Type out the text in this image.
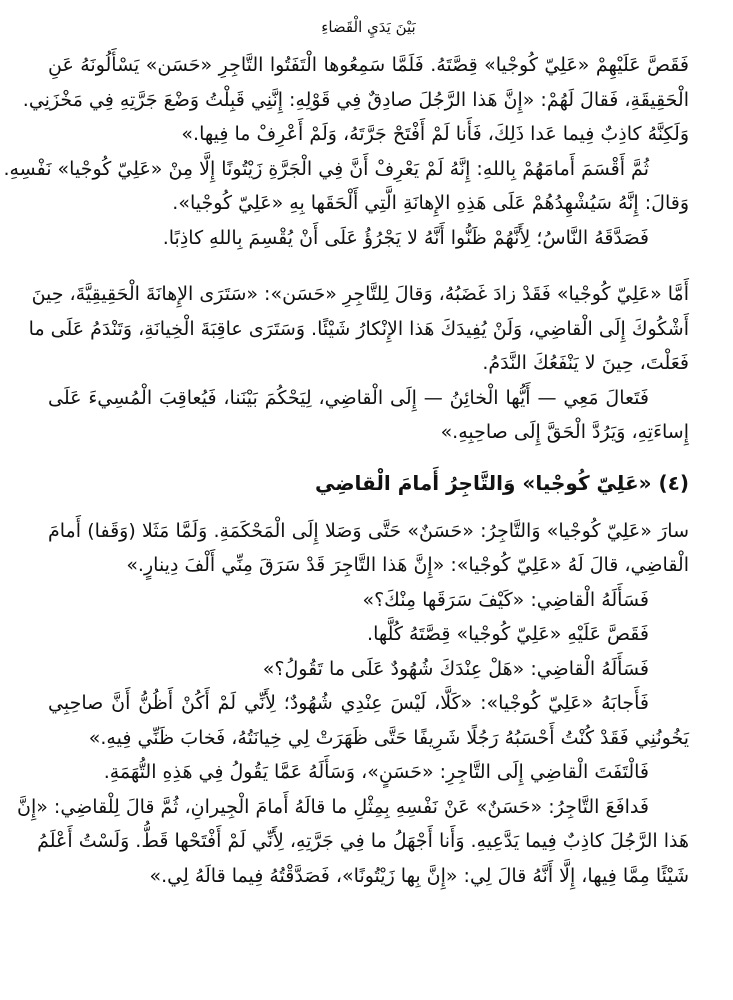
بَيْنَ يَدَيِ الْقَضاءِ
فَقَصَّ عَلَيْهِمْ «عَلِيّ كُوجْيا» قِصَّتَهُ. فَلَمَّا سَمِعُوها الْتَفَتُوا التَّاجِرِ «حَسَن» يَسْأَلُونَهُ عَنِ
الْحَقِيقَةِ، فَقالَ لَهُمْ: «إِنَّ هَذا الرَّجُلَ صادِقٌ فِي قَوْلِهِ: إِنَّنِي قَبِلْتُ وَضْعَ جَرَّتِهِ فِي مَخْزَنِي.
وَلَكِنَّهُ كاذِبٌ فِيما عَدا ذَلِكَ، فَأَنا لَمْ أَفْتَحْ جَرَّتَهُ، وَلَمْ أَعْرِفْ ما فِيها.»
ثُمَّ أَقْسَمَ أَمامَهُمْ بِاللهِ: إِنَّهُ لَمْ يَعْرِفْ أَنَّ فِي الْجَرَّةِ زَيْتُونًا إِلَّا مِنْ «عَلِيّ كُوجْيا» نَفْسِهِ.
وَقالَ: إِنَّهُ سَيُشْهِدُهُمْ عَلَى هَذِهِ الإِهانَةِ الَّتِي أَلْحَقَها بِهِ «عَلِيّ كُوجْيا».
فَصَدَّقَهُ النَّاسُ؛ لِأَنَّهُمْ ظَنُّوا أَنَّهُ لا يَجْرُؤُ عَلَى أَنْ يُقْسِمَ بِاللهِ كاذِبًا.
أَمَّا «عَلِيّ كُوجْيا» فَقَدْ زادَ غَضَبُهُ، وَقالَ لِلتَّاجِرِ «حَسَن»: «سَتَرَى الإِهانَةَ الْحَقِيقِيَّةَ، حِينَ
أَشْكُوكَ إِلَى الْقاضِي، وَلَنْ يُفِيدَكَ هَذا الإِنْكارُ شَيْئًا. وَسَتَرَى عاقِبَةَ الْخِيانَةِ، وَتَنْدَمُ عَلَى ما
فَعَلْتَ، حِينَ لا يَنْفَعُكَ النَّدَمُ.
فَتَعالَ مَعِي — أَيُّها الْخائِنُ — إِلَى الْقاضِي، لِيَحْكُمَ بَيْنَنا، فَيُعاقِبَ الْمُسِيءَ عَلَى
إِساءَتِهِ، وَيَرُدَّ الْحَقَّ إِلَى صاحِبِهِ.»
(٤) «عَلِيّ كُوجْيا» وَالتَّاجِرُ أَمامَ الْقاضِي
سارَ «عَلِيّ كُوجْيا» وَالتَّاجِرُ: «حَسَنٌ» حَتَّى وَصَلا إِلَى الْمَحْكَمَةِ. وَلَمَّا مَثَلا (وَقَفا) أَمامَ
الْقاضِي، قالَ لَهُ «عَلِيّ كُوجْيا»: «إِنَّ هَذا التَّاجِرَ قَدْ سَرَقَ مِنِّي أَلْفَ دِينارٍ.»
فَسَأَلَهُ الْقاضِي: «كَيْفَ سَرَقَها مِنْكَ؟»
فَقَصَّ عَلَيْهِ «عَلِيّ كُوجْيا» قِصَّتَهُ كُلَّها.
فَسَأَلَهُ الْقاضِي: «هَلْ عِنْدَكَ شُهُودٌ عَلَى ما تَقُولُ؟»
فَأَجابَهُ «عَلِيّ كُوجْيا»: «كَلَّا، لَيْسَ عِنْدِي شُهُودٌ؛ لِأَنِّي لَمْ أَكُنْ أَظُنُّ أَنَّ صاحِبِي
يَخُونُنِي فَقَدْ كُنْتُ أَحْسَبُهُ رَجُلًا شَرِيفًا حَتَّى ظَهَرَتْ لِي خِيانَتُهُ، فَخابَ ظَنِّي فِيهِ.»
فَالْتَفَتَ الْقاضِي إِلَى التَّاجِرِ: «حَسَنٍ»، وَسَأَلَهُ عَمَّا يَقُولُ فِي هَذِهِ التُّهَمَةِ.
فَدافَعَ التَّاجِرُ: «حَسَنٌ» عَنْ نَفْسِهِ بِمِثْلِ ما قالَهُ أَمامَ الْجِيرانِ، ثُمَّ قالَ لِلْقاضِي: «إِنَّ
هَذا الرَّجُلَ كاذِبٌ فِيما يَدَّعِيهِ. وَأَنا أَجْهَلُ ما فِي جَرَّتِهِ، لِأَنِّي لَمْ أَفْتَحْها قَطُّ. وَلَسْتُ أَعْلَمُ
شَيْئًا مِمَّا فِيها، إِلَّا أَنَّهُ قالَ لِي: «إِنَّ بِها زَيْتُونًا»، فَصَدَّقْتُهُ فِيما قالَهُ لِي.»
